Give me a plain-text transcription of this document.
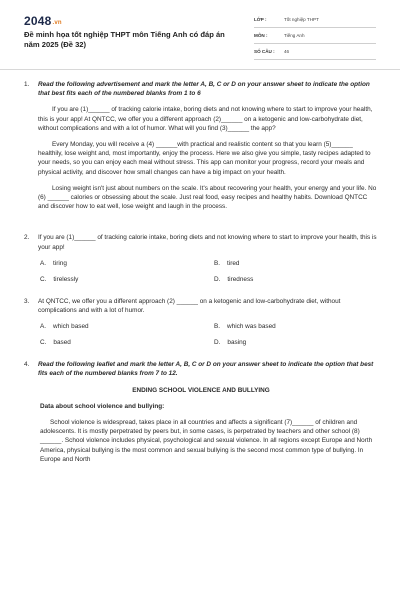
2048.vn
Đề minh họa tốt nghiệp THPT môn Tiếng Anh có đáp án năm 2025 (Đề 32)
LỚP :	Tốt nghiệp THPT
MÔN :	Tiếng Anh
SỐ CÂU : 46
1. Read the following advertisement and mark the letter A, B, C or D on your answer sheet to indicate the option that best fits each of the numbered blanks from 1 to 6

If you are (1)______ of tracking calorie intake, boring diets and not knowing where to start to improve your health, this is your app! At QNTCC, we offer you a different approach (2)______ on a ketogenic and low-carbohydrate diet, without complications and with a lot of humor. What will you find (3)______ the app?

Every Monday, you will receive a (4) ______with practical and realistic content so that you learn (5)______ healthily, lose weight and, most importantly, enjoy the process. Here we also give you simple, tasty recipes adapted to your needs, so you can enjoy each meal without stress. This app can monitor your progress, record your meals and physical activity, and discover how small changes can have a big impact on your health.

Losing weight isn't just about numbers on the scale. It's about recovering your health, your energy and your life. No (6) ______ calories or obsessing about the scale. Just real food, easy recipes and healthy habits. Download QNTCC and discover how to eat well, lose weight and laugh in the process.

2. If you are (1)______ of tracking calorie intake, boring diets and not knowing where to start to improve your health, this is your app!

A. tiring	B. tired
C. tirelessly	D. tiredness
3. At QNTCC, we offer you a different approach (2) ______ on a ketogenic and low-carbohydrate diet, without complications and with a lot of humor.

A. which based	B. which was based
C. based	D. basing
4. Read the following leaflet and mark the letter A, B, C or D on your answer sheet to indicate the option that best fits each of the numbered blanks from 7 to 12.

ENDING SCHOOL VIOLENCE AND BULLYING

Data about school violence and bullying:

School violence is widespread, takes place in all countries and affects a significant (7)______ of children and adolescents. It is mostly perpetrated by peers but, in some cases, is perpetrated by teachers and other school (8) ______. School violence includes physical, psychological and sexual violence. In all regions except Europe and North America, physical bullying is the most common and sexual bullying is the second most common type of bullying. In Europe and North
